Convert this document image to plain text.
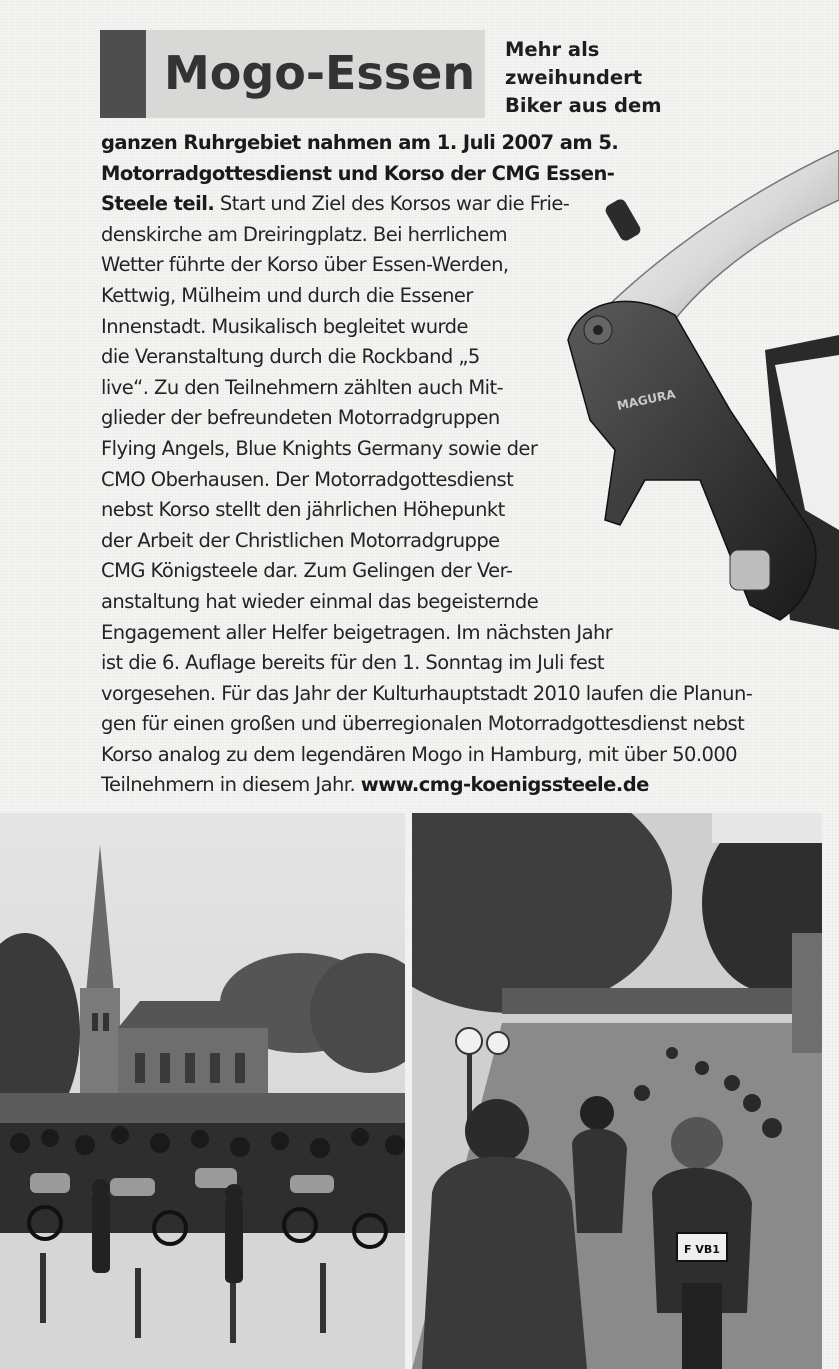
Mogo-Essen Mehr als
zweihundert
Biker aus dem
MAGURA
ganzen Ruhrgebiet nahmen am 1. Juli 2007 am 5.
Motorradgottesdienst und Korso der CMG Essen-
Steele teil. Start und Ziel des Korsos war die Frie-
denskirche am Dreiringplatz. Bei herrlichem
Wetter führte der Korso über Essen-Werden,
Kettwig, Mülheim und durch die Essener
Innenstadt. Musikalisch begleitet wurde
die Veranstaltung durch die Rockband „5
live“. Zu den Teilnehmern zählten auch Mit-
glieder der befreundeten Motorradgruppen
Flying Angels, Blue Knights Germany sowie der
CMO Oberhausen. Der Motorradgottesdienst
nebst Korso stellt den jährlichen Höhepunkt
der Arbeit der Christlichen Motorradgruppe
CMG Königsteele dar. Zum Gelingen der Ver-
anstaltung hat wieder einmal das begeisternde
Engagement aller Helfer beigetragen. Im nächsten Jahr
ist die 6. Auflage bereits für den 1. Sonntag im Juli fest
vorgesehen. Für das Jahr der Kulturhauptstadt 2010 laufen die Planun-
gen für einen großen und überregionalen Motorradgottesdienst nebst
Korso analog zu dem legendären Mogo in Hamburg, mit über 50.000
Teilnehmern in diesem Jahr. www.cmg-koenigssteele.de
F VB1
